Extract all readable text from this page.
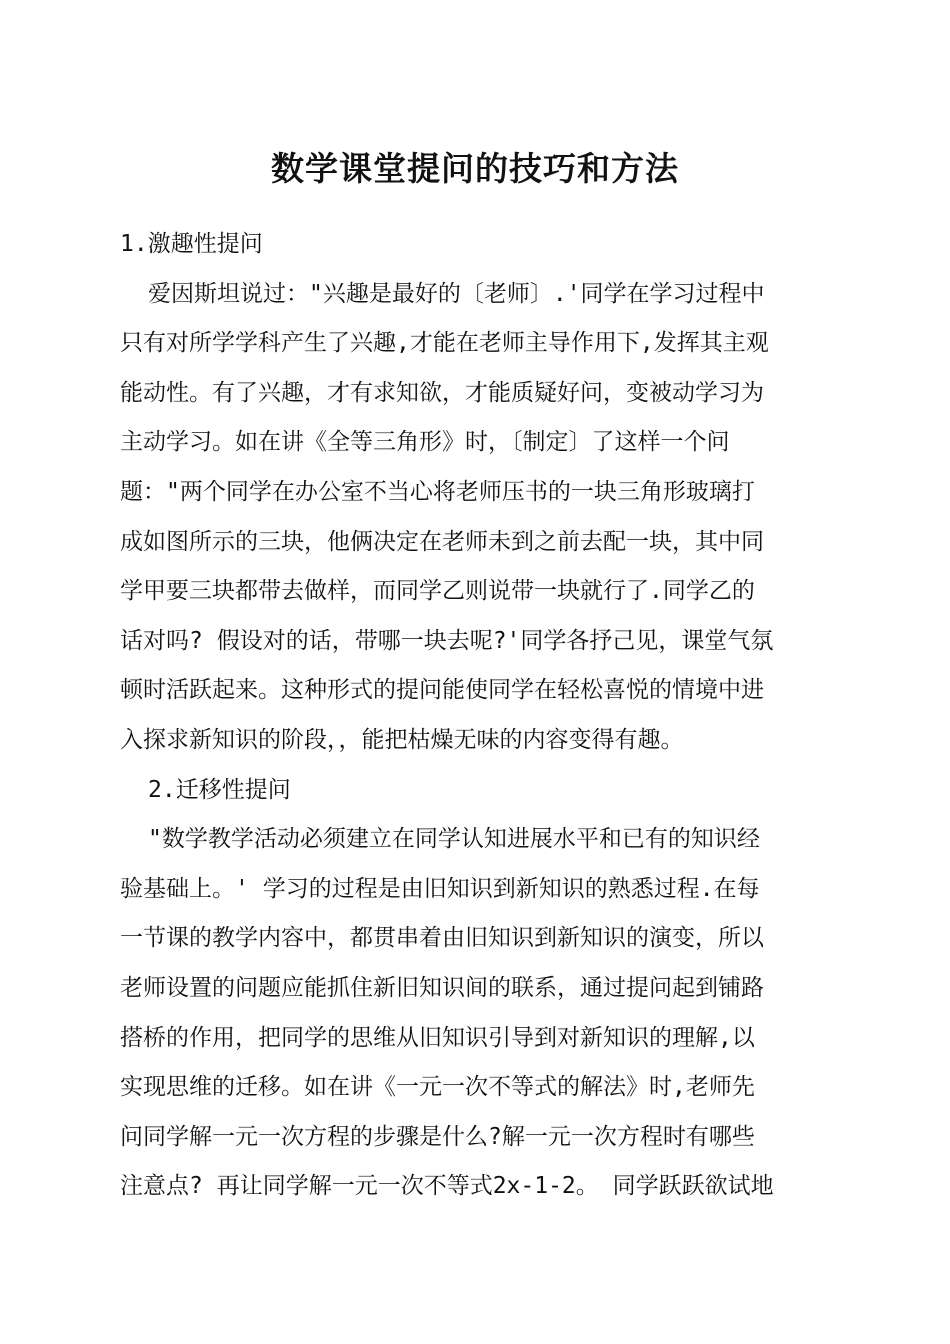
数学课堂提问的技巧和方法
1.激趣性提问
爱因斯坦说过："兴趣是最好的〔老师〕.'同学在学习过程中
只有对所学学科产生了兴趣,才能在老师主导作用下,发挥其主观
能动性。有了兴趣，才有求知欲，才能质疑好问，变被动学习为
主动学习。如在讲《全等三角形》时，〔制定〕了这样一个问
题："两个同学在办公室不当心将老师压书的一块三角形玻璃打
成如图所示的三块，他俩决定在老师未到之前去配一块，其中同
学甲要三块都带去做样，而同学乙则说带一块就行了.同学乙的
话对吗? 假设对的话，带哪一块去呢?'同学各抒己见，课堂气氛
顿时活跃起来。这种形式的提问能使同学在轻松喜悦的情境中进
入探求新知识的阶段，，能把枯燥无味的内容变得有趣。
2.迁移性提问
"数学教学活动必须建立在同学认知进展水平和已有的知识经
验基础上。' 学习的过程是由旧知识到新知识的熟悉过程.在每
一节课的教学内容中，都贯串着由旧知识到新知识的演变，所以
老师设置的问题应能抓住新旧知识间的联系，通过提问起到铺路
搭桥的作用，把同学的思维从旧知识引导到对新知识的理解,以
实现思维的迁移。如在讲《一元一次不等式的解法》时,老师先
问同学解一元一次方程的步骤是什么?解一元一次方程时有哪些
注意点? 再让同学解一元一次不等式2x-1-2。 同学跃跃欲试地
